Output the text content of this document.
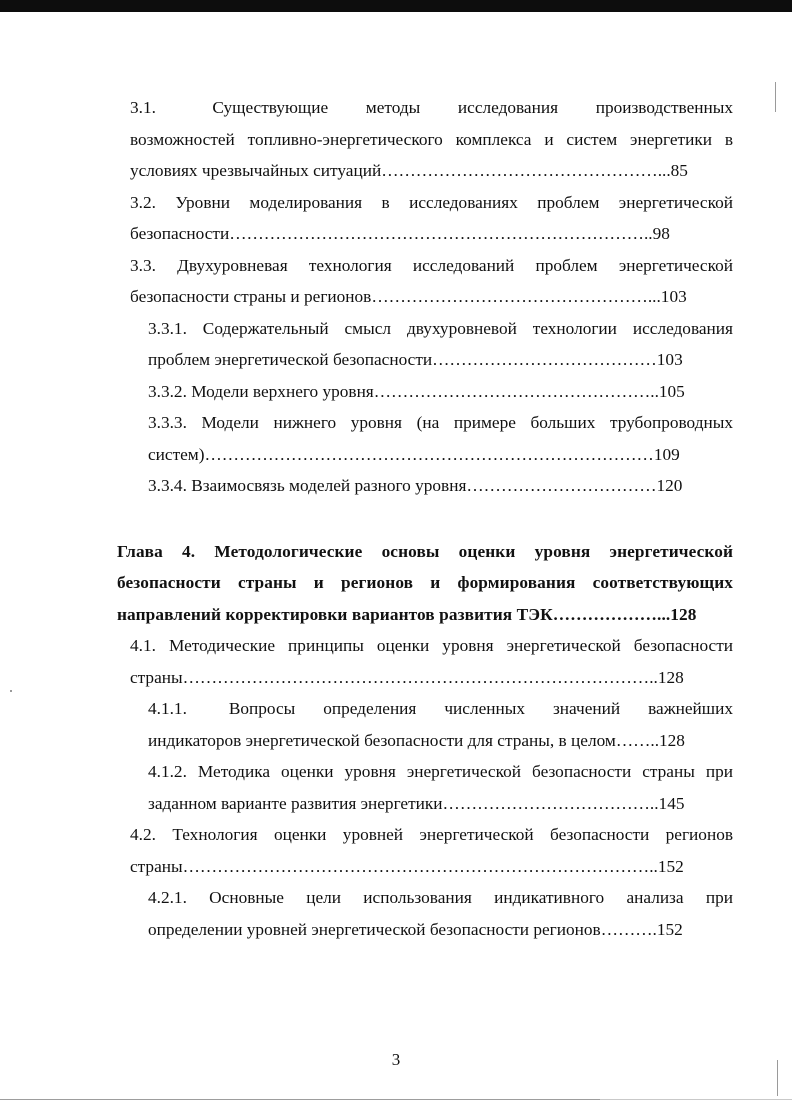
3.1.   Существующие  методы  исследования  производственных

возможностей топливно-энергетического комплекса и систем энергетики в

условиях чрезвычайных ситуаций…………………………………………...85

3.2. Уровни моделирования в исследованиях проблем энергетической

безопасности………………………………………………………………..98

3.3. Двухуровневая технология исследований проблем энергетической

безопасности страны и регионов…………………………………………...103

3.3.1. Содержательный смысл двухуровневой технологии исследования

проблем энергетической безопасности…………………………………103

3.3.2. Модели верхнего уровня…………………………………………..105

3.3.3. Модели нижнего уровня (на примере больших трубопроводных

систем)……………………………………………………………………109

3.3.4. Взаимосвязь моделей разного уровня……………………………120

Глава 4. Методологические основы оценки уровня энергетической

безопасности страны и регионов и формирования соответствующих

направлений корректировки вариантов развития ТЭК………………...128

4.1. Методические принципы оценки уровня энергетической безопасности

страны………………………………………………………………………..128

4.1.1.   Вопросы  определения  численных  значений  важнейших

индикаторов энергетической безопасности для страны, в целом……..128

4.1.2. Методика оценки уровня энергетической безопасности страны при

заданном варианте развития энергетики………………………………..145

4.2. Технология оценки уровней энергетической безопасности регионов

страны………………………………………………………………………..152

4.2.1. Основные цели использования индикативного анализа при

определении уровней энергетической безопасности регионов……….152

3
